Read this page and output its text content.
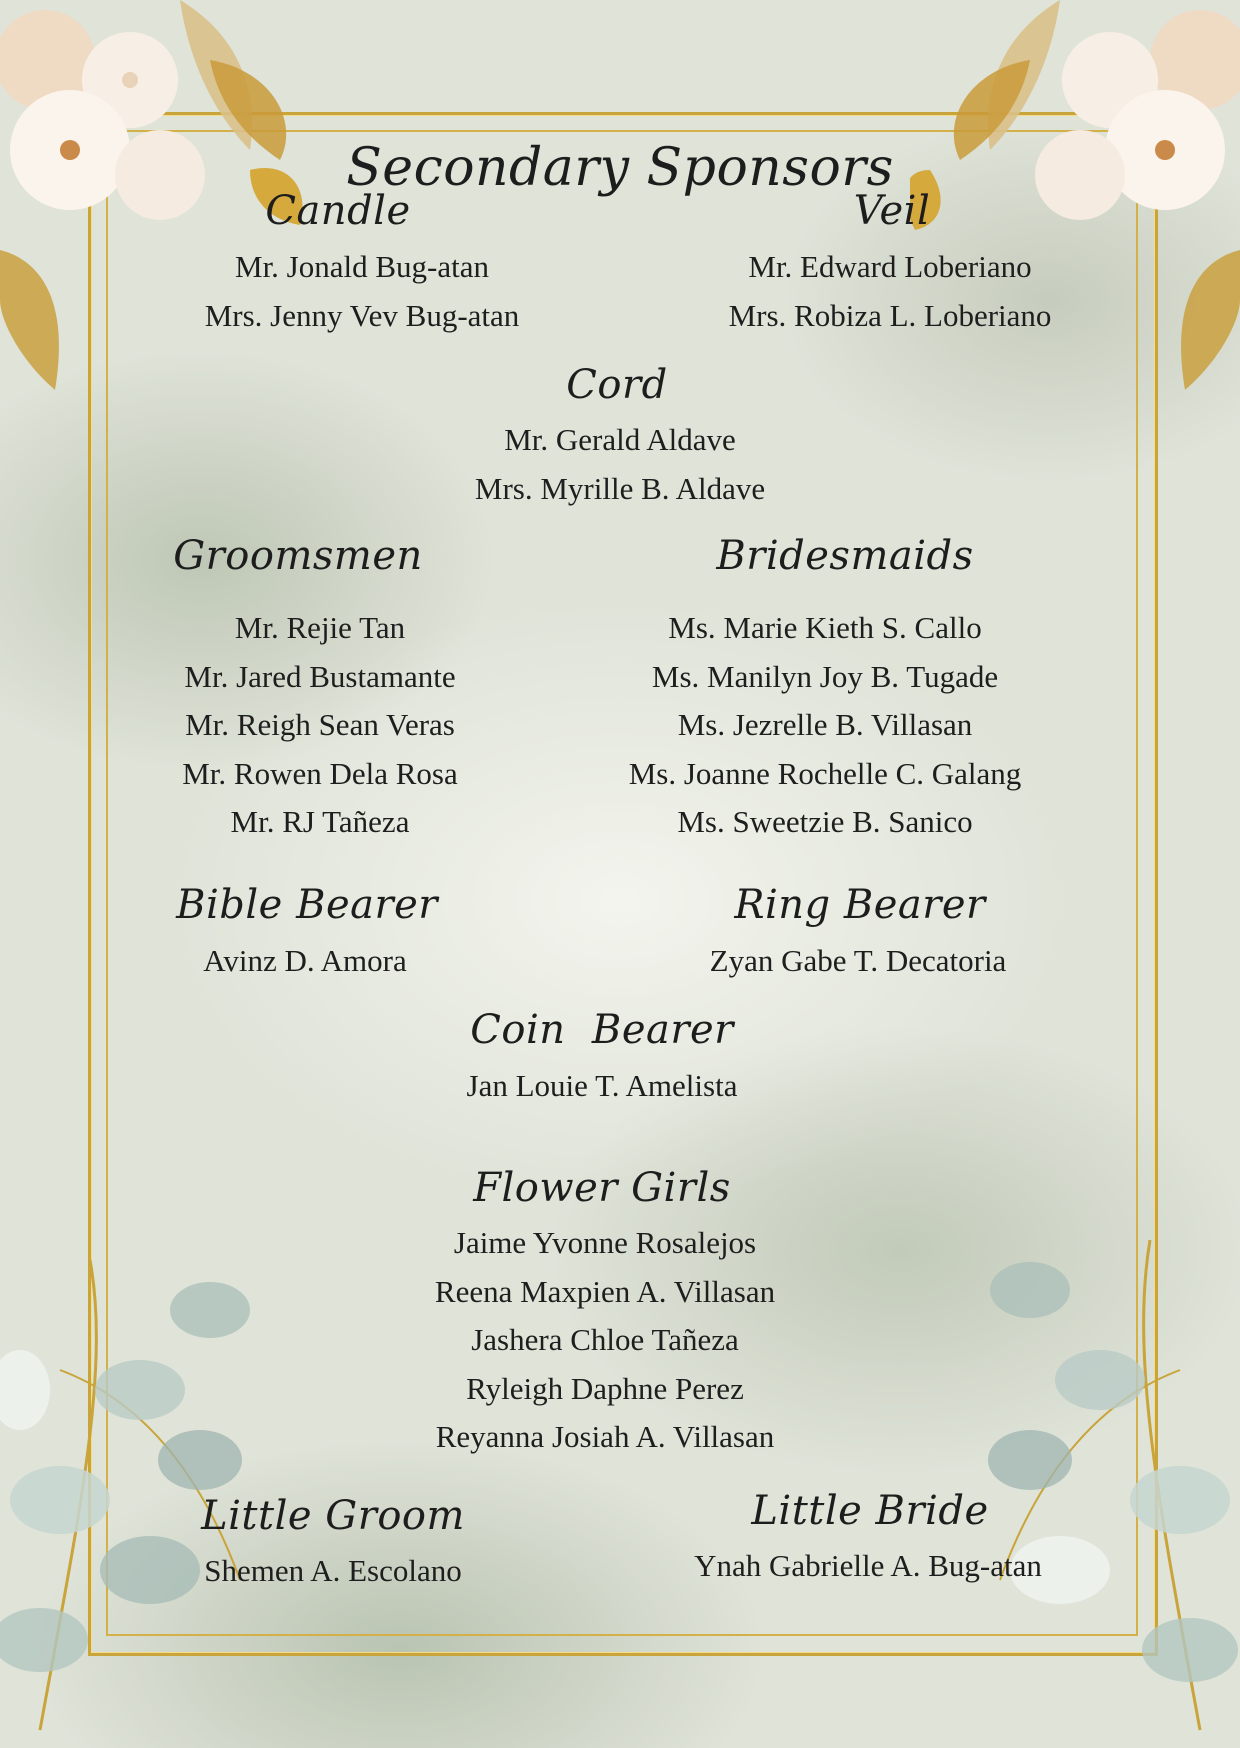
Secondary Sponsors
Candle
Mr. Jonald Bug-atan
Mrs. Jenny Vev Bug-atan
Veil
Mr. Edward Loberiano
Mrs. Robiza L. Loberiano
Cord
Mr. Gerald Aldave
Mrs. Myrille B. Aldave
Groomsmen
Mr. Rejie Tan
Mr. Jared Bustamante
Mr. Reigh Sean Veras
Mr. Rowen Dela Rosa
Mr. RJ Tañeza
Bridesmaids
Ms. Marie Kieth S. Callo
Ms. Manilyn Joy B. Tugade
Ms. Jezrelle B. Villasan
Ms. Joanne Rochelle C. Galang
Ms. Sweetzie B. Sanico
Bible Bearer
Avinz D. Amora
Ring Bearer
Zyan Gabe T. Decatoria
Coin  Bearer
Jan Louie T. Amelista
Flower Girls
Jaime Yvonne Rosalejos
Reena Maxpien A. Villasan
Jashera Chloe Tañeza
Ryleigh Daphne Perez
Reyanna Josiah A. Villasan
Little Groom
Shemen A. Escolano
Little Bride
Ynah Gabrielle A. Bug-atan
